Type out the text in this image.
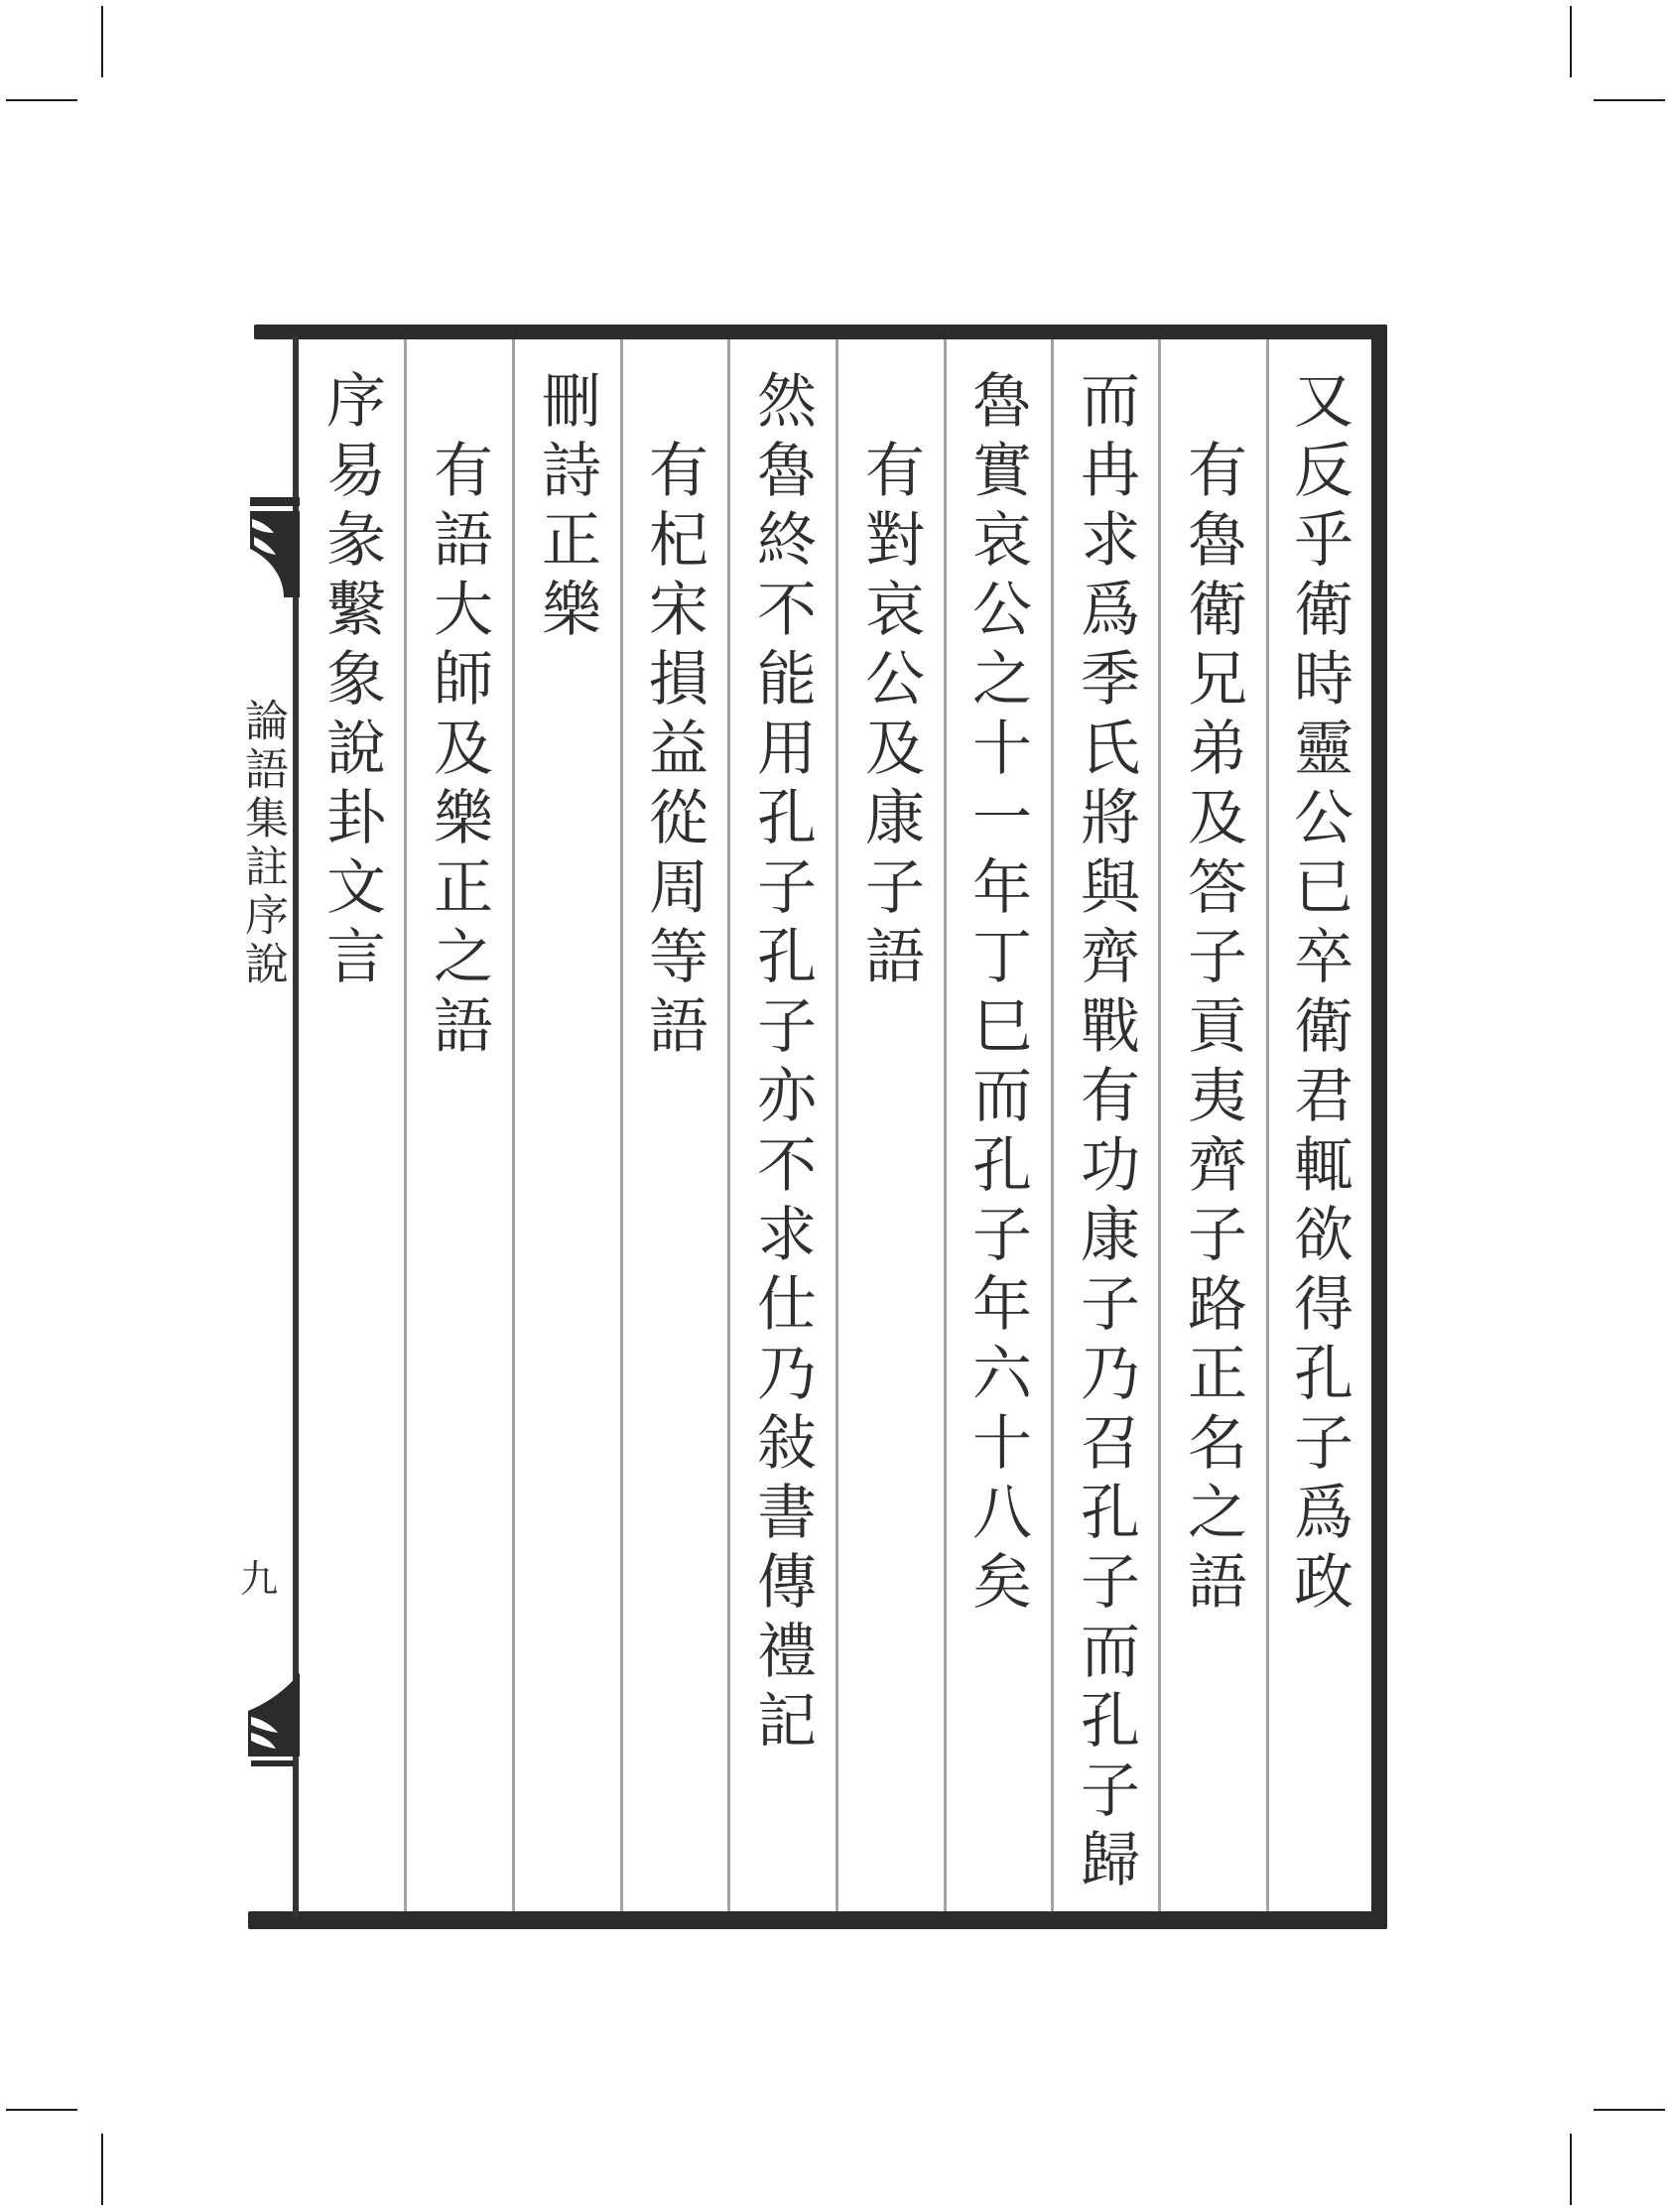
又反乎衛時靈公已卒衛君輒欲得孔子爲政
有魯衛兄弟及答子貢夷齊子路正名之語
而冉求爲季氏將與齊戰有功康子乃召孔子而孔子歸
魯實哀公之十一年丁巳而孔子年六十八矣
有對哀公及康子語
然魯終不能用孔子孔子亦不求仕乃敍書傳禮記
有杞宋損益從周等語
刪詩正樂
有語大師及樂正之語
序易彖繫象說卦文言
論語集註序說
九
